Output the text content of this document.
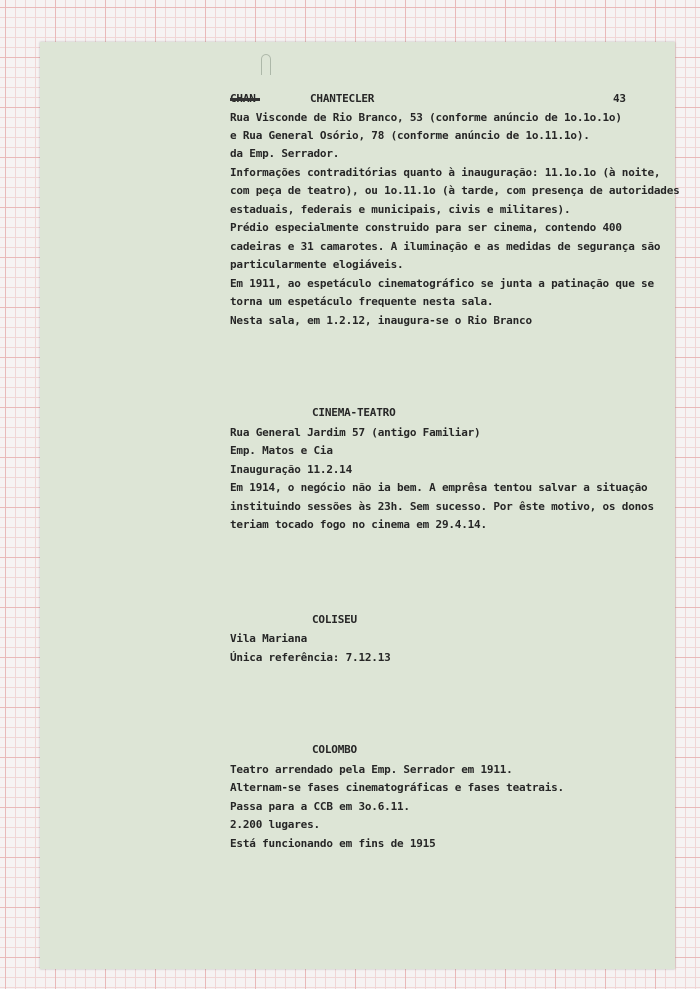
CHANTECLER	43
Rua Visconde de Rio Branco, 53 (conforme anúncio de 1o.1o.1o)
e Rua General Osório, 78 (conforme anúncio de 1o.11.1o).
da Emp. Serrador.
Informações contraditórias quanto à inauguração: 11.1o.1o (à noite,
com peça de teatro), ou 1o.11.1o (à tarde, com presença de autoridades
estaduais, federais e municipais, civis e militares).
Prédio especialmente construido para ser cinema, contendo 400
cadeiras e 31 camarotes. A iluminação e as medidas de segurança são
particularmente elogiáveis.
Em 1911, ao espetáculo cinematográfico se junta a patinação que se
torna um espetáculo frequente nesta sala.
Nesta sala, em 1.2.12, inaugura-se o Rio Branco
CINEMA-TEATRO
Rua General Jardim 57 (antigo Familiar)
Emp. Matos e Cia
Inauguração 11.2.14
Em 1914, o negócio não ia bem. A emprêsa tentou salvar a situação
instituindo sessões às 23h. Sem sucesso. Por êste motivo, os donos
teriam tocado fogo no cinema em 29.4.14.
COLISEU
Vila Mariana
Única referência: 7.12.13
COLOMBO
Teatro arrendado pela Emp. Serrador em 1911.
Alternam-se fases cinematográficas e fases teatrais.
Passa para a CCB em 3o.6.11.
2.200 lugares.
Está funcionando em fins de 1915
